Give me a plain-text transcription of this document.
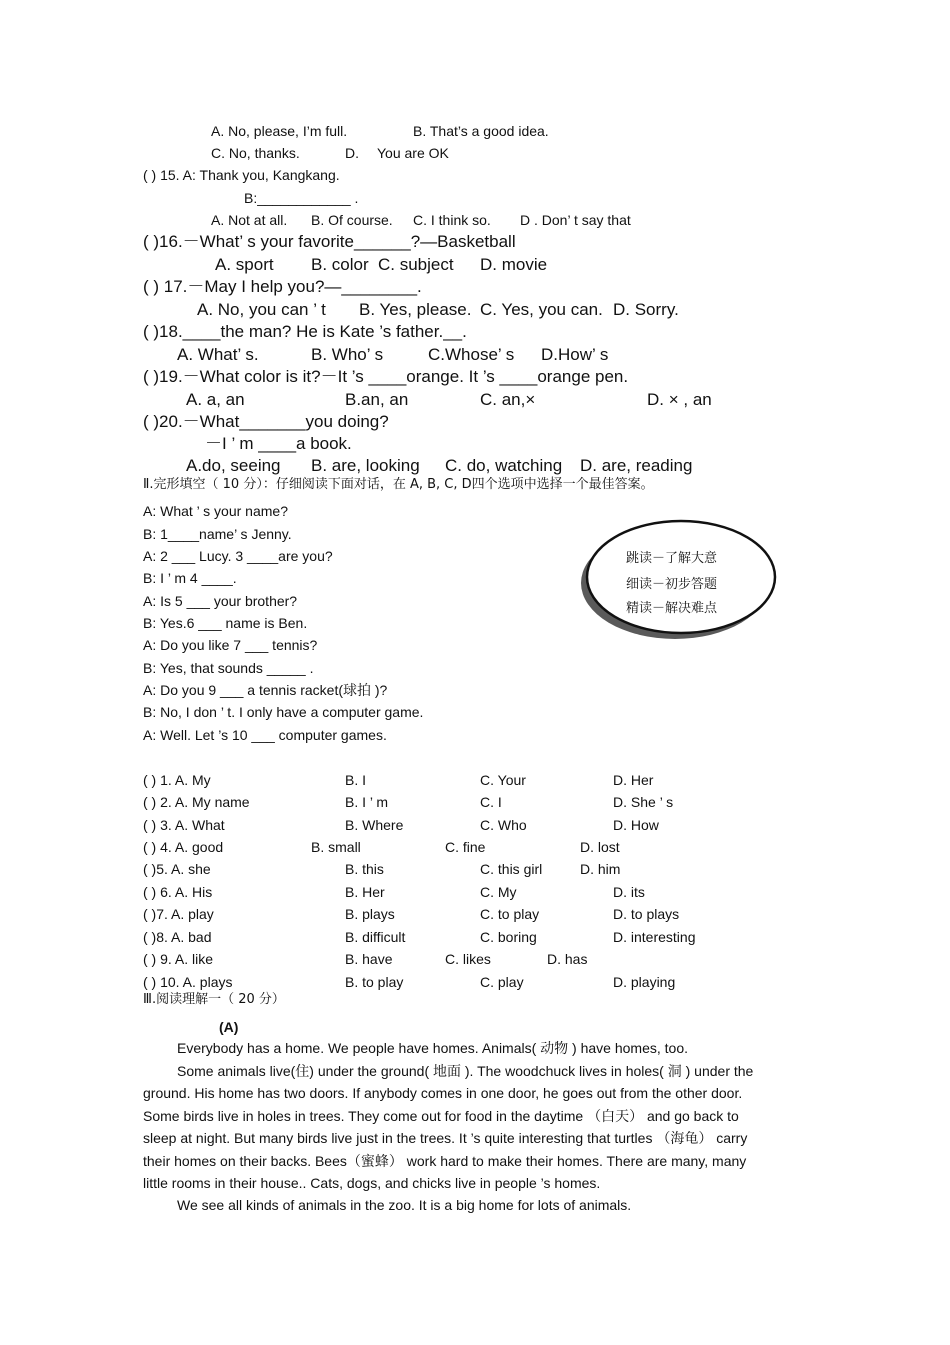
A. No, please, I’m full.	B. That’s a good idea.
C. No, thanks.	D. You are OK
( ) 15. A: Thank you, Kangkang.
B:____________ .
A. Not at all. B. Of course. C. I think so. D . Don’ t say that
( )16.－What’ s your favorite______?—Basketball
A. sport B. color C. subject D. movie
( ) 17.－May I help you?—________.
A. No, you can ’ t B. Yes, please. C. Yes, you can. D. Sorry.
( )18.____the man? He is Kate ’s father.__.
A. What’ s.	B. Who’ s	C.Whose’ s D.How’ s
( )19.－What color is it?－It ’s ____orange. It ’s ____orange pen.
A. a, an	B.an, an	C. an,×	D. × , an
( )20.－What_______you doing?
－I ’ m ____a book.
A.do, seeing B. are, looking C. do, watching D. are, reading
Ⅱ.完形填空（ 10 分）：仔细阅读下面对话，在 A, B, C, D四个选项中选择一个最佳答案。
A: What ’ s your name?
B: 1____name’ s Jenny.
A: 2 ___ Lucy. 3 ____are you?
B: I ’ m 4 ____.
A: Is 5 ___ your brother?
B: Yes.6 ___ name is Ben.
A: Do you like 7 ___ tennis?
B: Yes, that sounds _____ .
A: Do you 9 ___ a tennis racket(球拍 )?
B: No, I don ’ t. I only have a computer game.
A: Well. Let ’s 10 ___ computer games.
跳读－了解大意
细读－初步答题
精读－解决难点
( ) 1. A. My	B. I	C. Your	D. Her
( ) 2. A. My name	B. I ’ m	C. I	D. She ’ s
( ) 3. A. What	B. Where	C. Who	D. How
( ) 4. A. good	B. small	C. fine	D. lost
( )5. A. she	B. this	C. this girl	D. him
( ) 6. A. His	B. Her	C. My	D. its
( )7. A. play	B. plays	C. to play	D. to plays
( )8. A. bad	B. difficult	C. boring	D. interesting
( ) 9. A. like	B. have	C. likes	D. has
( ) 10. A. plays	B. to play	C. play	D. playing
Ⅲ.阅读理解一（ 20 分）
(A)
Everybody has a home. We people have homes. Animals( 动物 ) have homes, too.
Some animals live(住) under the ground( 地面 ). The woodchuck lives in holes( 洞 ) under the
ground. His home has two doors. If anybody comes in one door, he goes out from the other door.
Some birds live in holes in trees. They come out for food in the daytime （白天） and go back to
sleep at night. But many birds live just in the trees. It ’s quite interesting that turtles （海龟） carry
their homes on their backs. Bees（蜜蜂） work hard to make their homes. There are many, many
little rooms in their house.. Cats, dogs, and chicks live in people ’s homes.
We see all kinds of animals in the zoo. It is a big home for lots of animals.
